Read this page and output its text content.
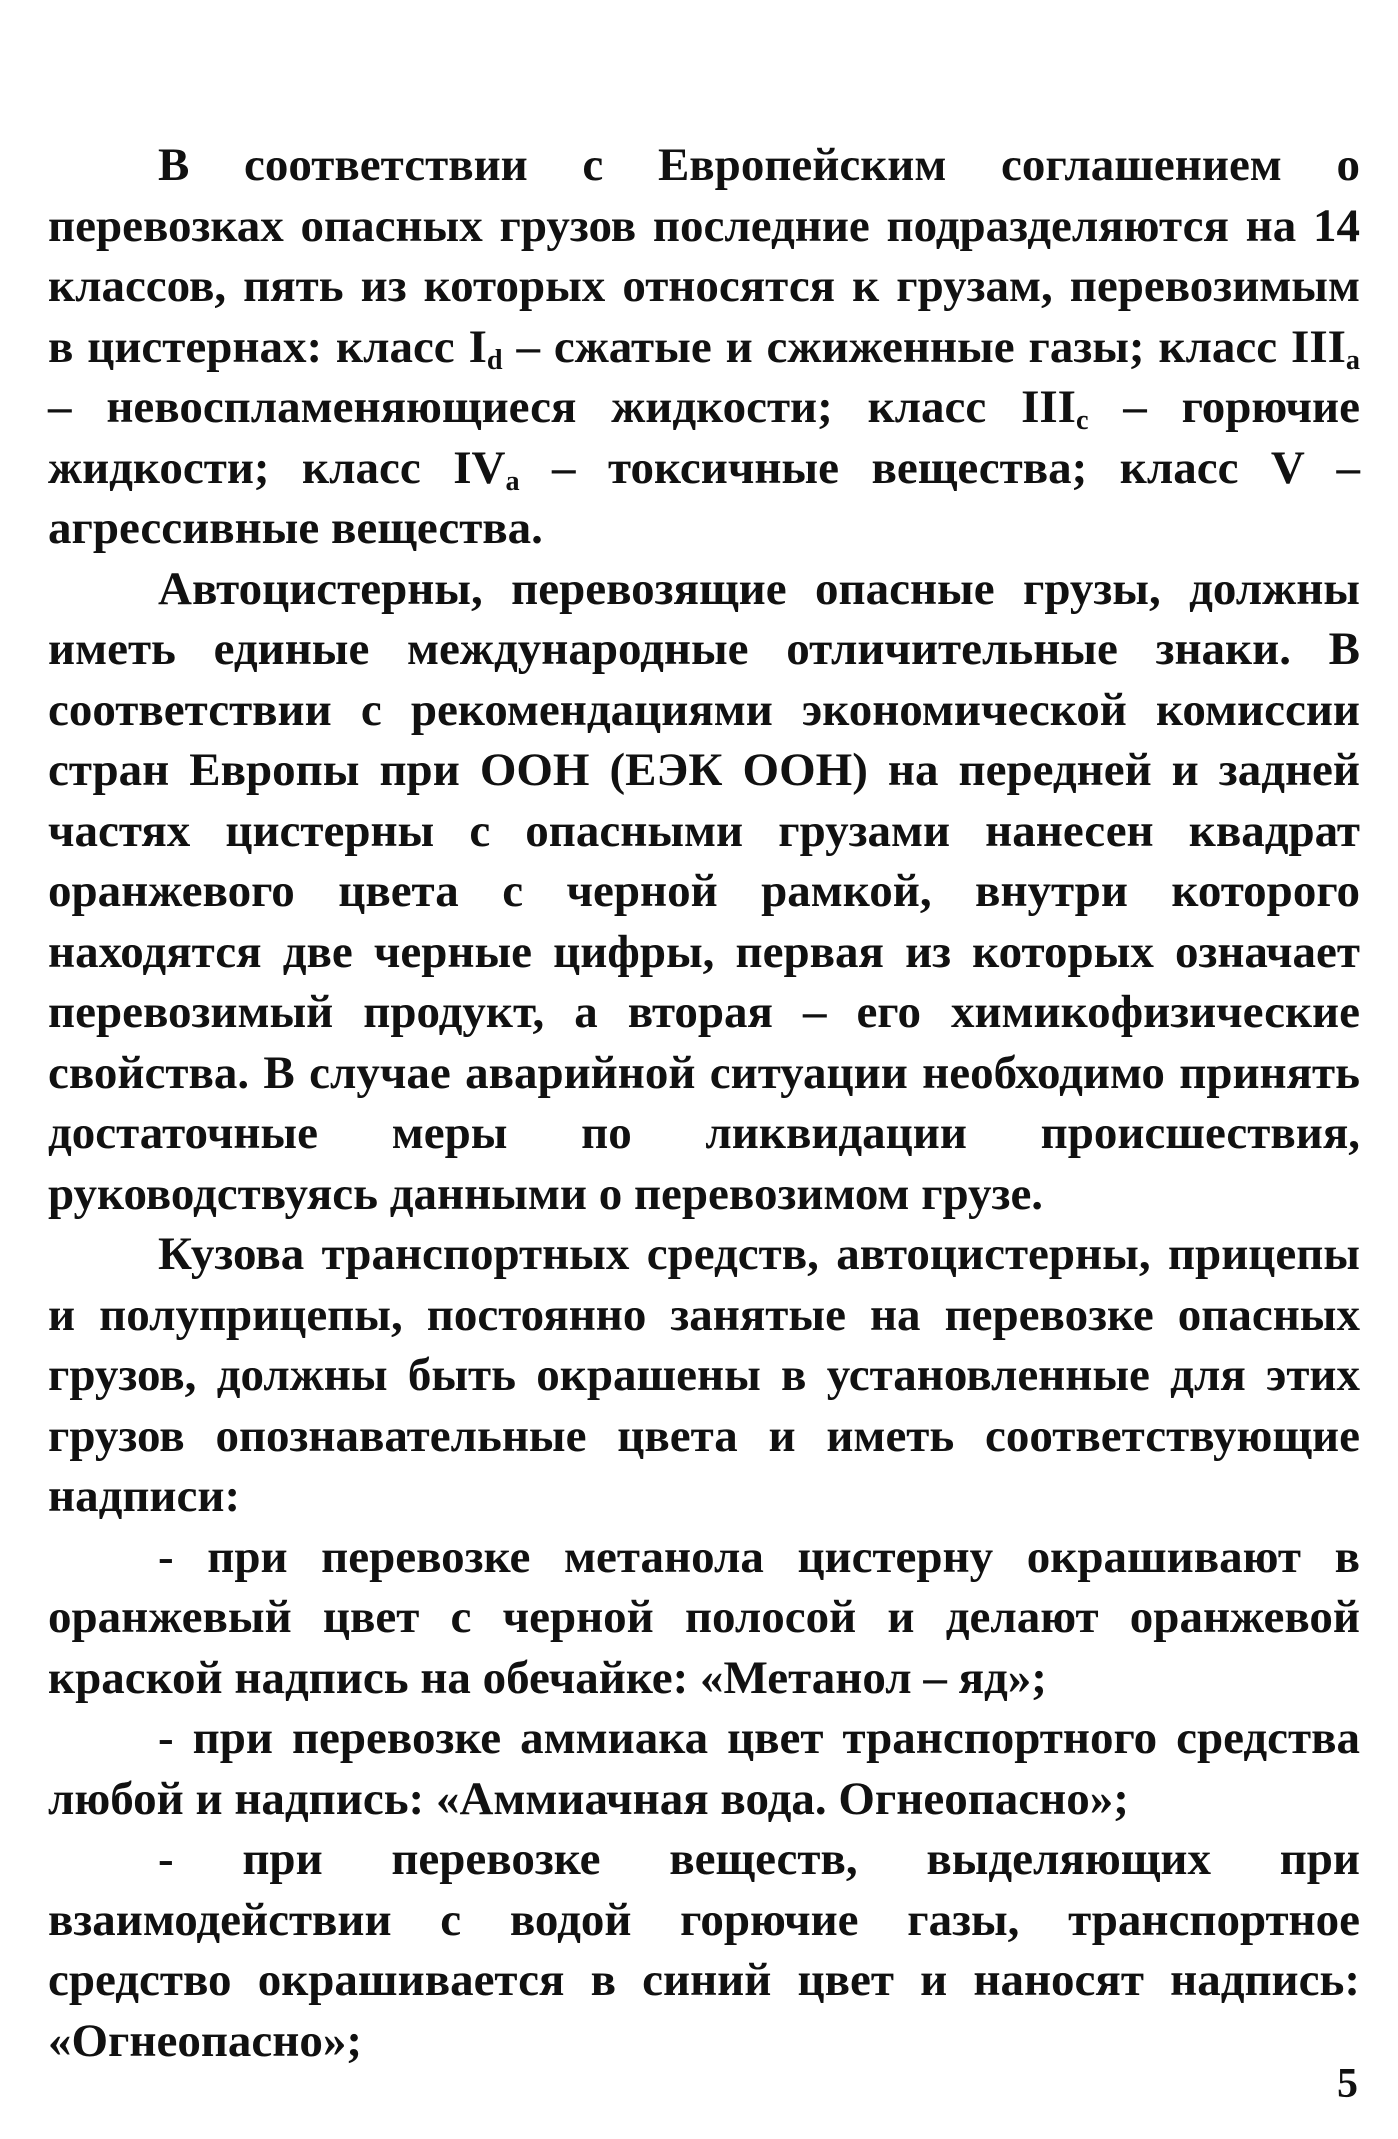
В соответствии с Европейским соглашением о перевозках опасных грузов последние подразделяются на 14 классов, пять из которых относятся к грузам, перевозимым в цистернах: класс $I_d$ – сжатые и сжиженные газы; класс $III_a$ – невоспламеняющиеся жидкости; класс $III_c$ – горючие жидкости; класс $IV_a$ – токсичные вещества; класс V – агрессивные вещества.

Автоцистерны, перевозящие опасные грузы, должны иметь единые международные отличительные знаки. В соответствии с рекомендациями экономической комиссии стран Европы при ООН (ЕЭК ООН) на передней и задней частях цистерны с опасными грузами нанесен квадрат оранжевого цвета с черной рамкой, внутри которого находятся две черные цифры, первая из которых означает перевозимый продукт, а вторая – его химикофизические свойства. В случае аварийной ситуации необходимо принять достаточные меры по ликвидации происшествия, руководствуясь данными о перевозимом грузе.

Кузова транспортных средств, автоцистерны, прицепы и полуприцепы, постоянно занятые на перевозке опасных грузов, должны быть окрашены в установленные для этих грузов опознавательные цвета и иметь соответствующие надписи:

- при перевозке метанола цистерну окрашивают в оранжевый цвет с черной полосой и делают оранжевой краской надпись на обечайке: «Метанол – яд»;

- при перевозке аммиака цвет транспортного средства любой и надпись: «Аммиачная вода. Огнеопасно»;

- при перевозке веществ, выделяющих при взаимодействии с водой горючие газы, транспортное средство окрашивается в синий цвет и наносят надпись: «Огнеопасно»;

5
